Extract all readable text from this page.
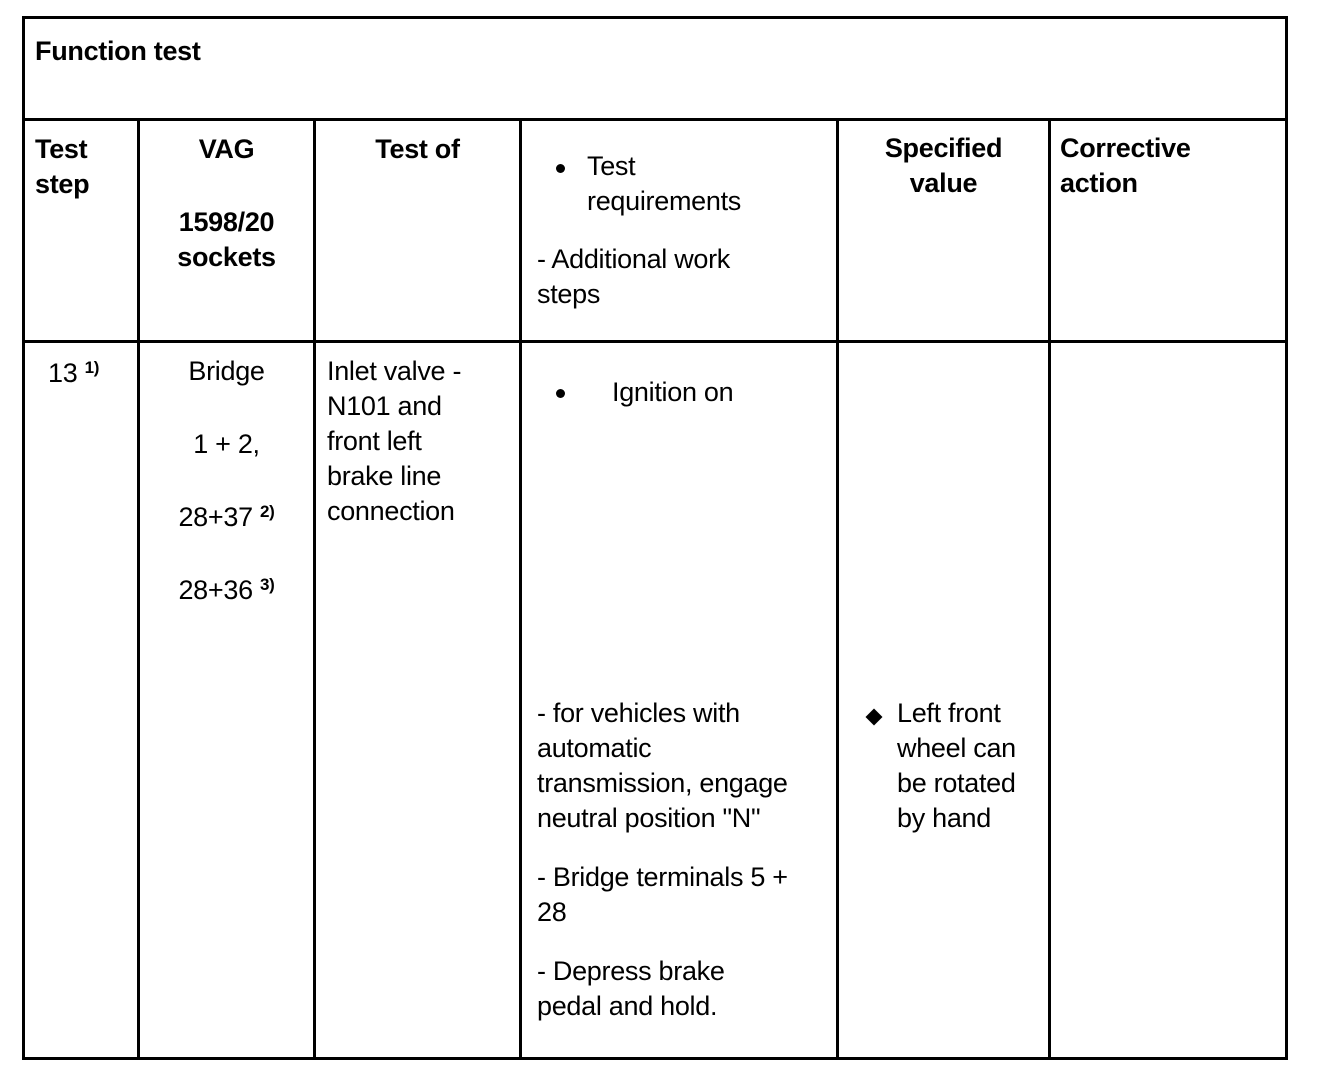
Function test
Test
step
VAG
1598/20
sockets
Test of
Test
requirements
- Additional work
steps
Specified
value
Corrective
action
13 $^{1)}$	Bridge
1 + 2,
28+37 $^{2)}$
28+36 $^{3)}$
Inlet valve -
N101 and
front left
brake line
connection
Ignition on
- for vehicles with
automatic
transmission, engage
neutral position "N"
- Bridge terminals 5 +
28
- Depress brake
pedal and hold.
Left front
wheel can
be rotated
by hand
